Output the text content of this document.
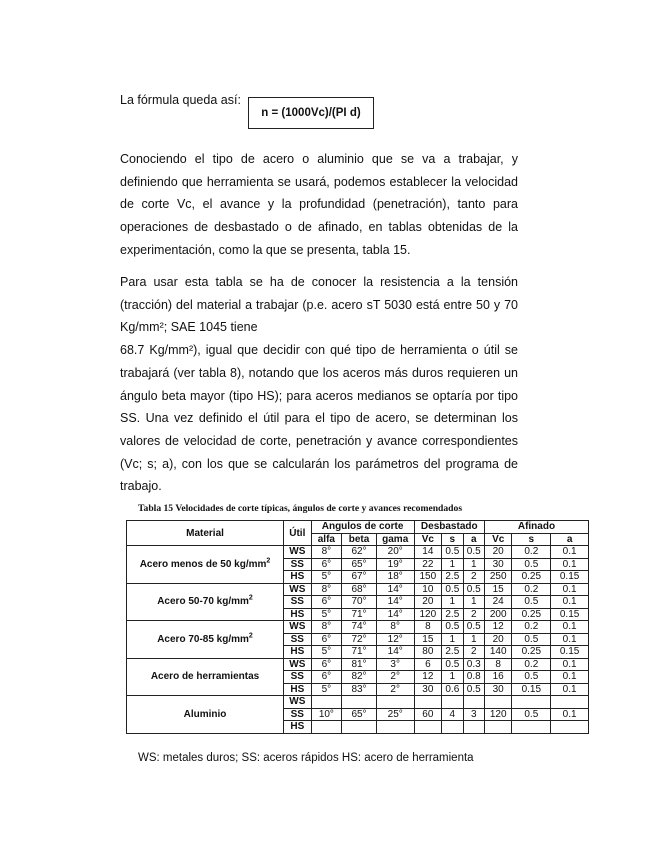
La fórmula queda así:
n = (1000Vc)/(PI d)
Conociendo el tipo de acero o aluminio que se va a trabajar, y definiendo que herramienta se usará, podemos establecer la velocidad de corte Vc, el avance y la profundidad (penetración), tanto para operaciones de desbastado o de afinado, en tablas obtenidas de la experimentación, como la que se presenta, tabla 15.
Para usar esta tabla se ha de conocer la resistencia a la tensión (tracción) del material a trabajar (p.e. acero sT 5030 está entre 50 y 70 Kg/mm²; SAE 1045 tiene
68.7 Kg/mm²), igual que decidir con qué tipo de herramienta o útil se trabajará (ver tabla 8), notando que los aceros más duros requieren un ángulo beta mayor (tipo HS); para aceros medianos se optaría por tipo SS. Una vez definido el útil para el tipo de acero, se determinan los valores de velocidad de corte, penetración y avance correspondientes (Vc; s; a), con los que se calcularán los parámetros del programa de trabajo.
Tabla 15 Velocidades de corte típicas, ángulos de corte y avances recomendados
Material	Útil	Angulos de corte			Desbastado			Afinado		
		alfa	beta	gama	Vc	s	a	Vc	s	a
Acero menos de 50 $kg/mm^2$	WS	8°	62°	20°	14	0.5	0.5	20	0.2	0.1
	SS	6°	65°	19°	22	1	1	30	0.5	0.1
	HS	5°	67°	18°	150	2.5	2	250	0.25	0.15
Acero 50-70 $kg/mm^2$	WS	8°	68°	14°	10	0.5	0.5	15	0.2	0.1
	SS	6°	70°	14°	20	1	1	24	0.5	0.1
	HS	5°	71°	14°	120	2.5	2	200	0.25	0.15
Acero 70-85 $kg/mm^2$	WS	8°	74°	8°	8	0.5	0.5	12	0.2	0.1
	SS	6°	72°	12°	15	1	1	20	0.5	0.1
	HS	5°	71°	14°	80	2.5	2	140	0.25	0.15
Acero de herramientas	WS	6°	81°	3°	6	0.5	0.3	8	0.2	0.1
	SS	6°	82°	2°	12	1	0.8	16	0.5	0.1
	HS	5°	83°	2°	30	0.6	0.5	30	0.15	0.1
Aluminio	WS									
	SS	10°	65°	25°	60	4	3	120	0.5	0.1
	HS									
WS: metales duros; SS: aceros rápidos HS: acero de herramienta
